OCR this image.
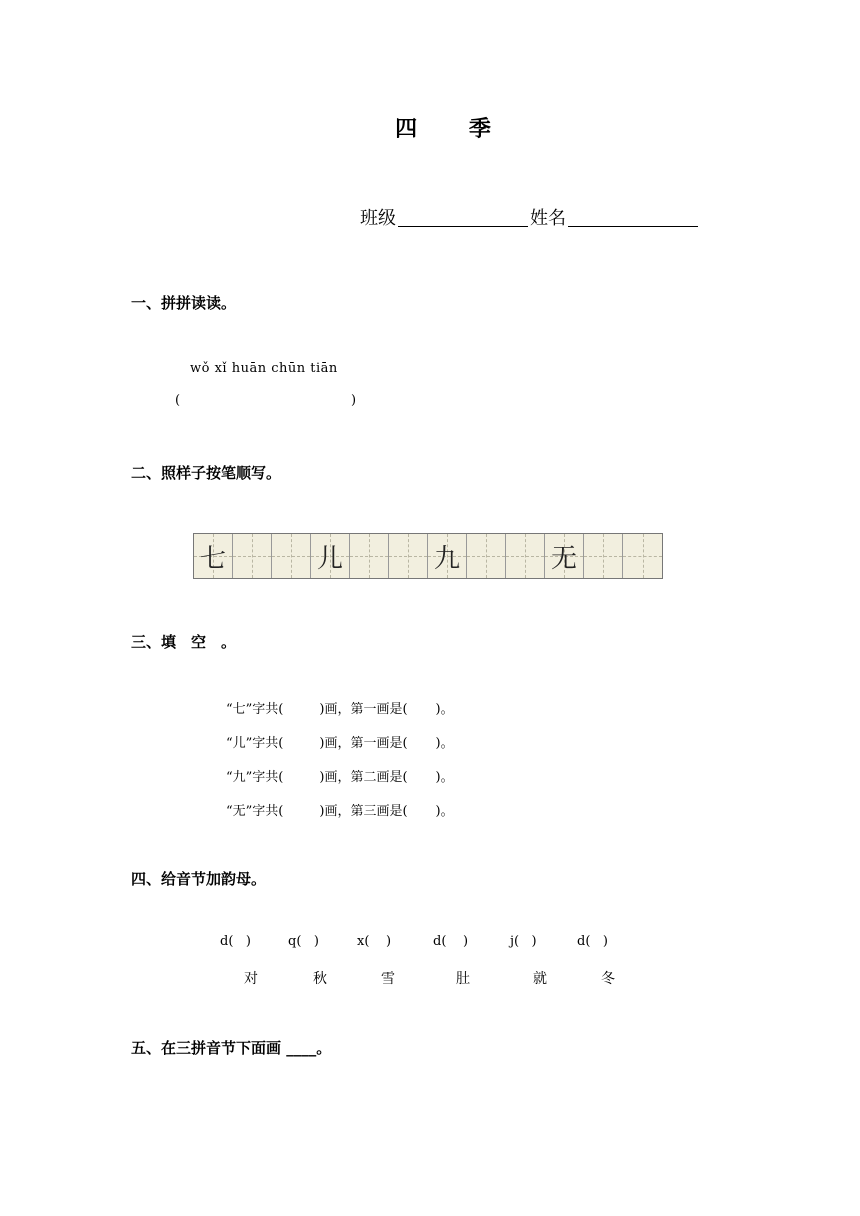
四 季
班级	姓名
一、拼拼读读。
wǒ xǐ huān chūn tiān
(	)
二、照样子按笔顺写。
七	儿	九	无
三、填　空　。
“七”字共(	)画，第一画是( )。
“儿”字共(	)画，第一画是( )。
“九”字共(	)画，第二画是( )。
“无”字共(	)画，第三画是( )。
四、给音节加韵母。
d( )	q( )	x( )	d( )	j( )	d( )
对	秋	雪	肚	就	冬
五、在三拼音节下面画 ____。
